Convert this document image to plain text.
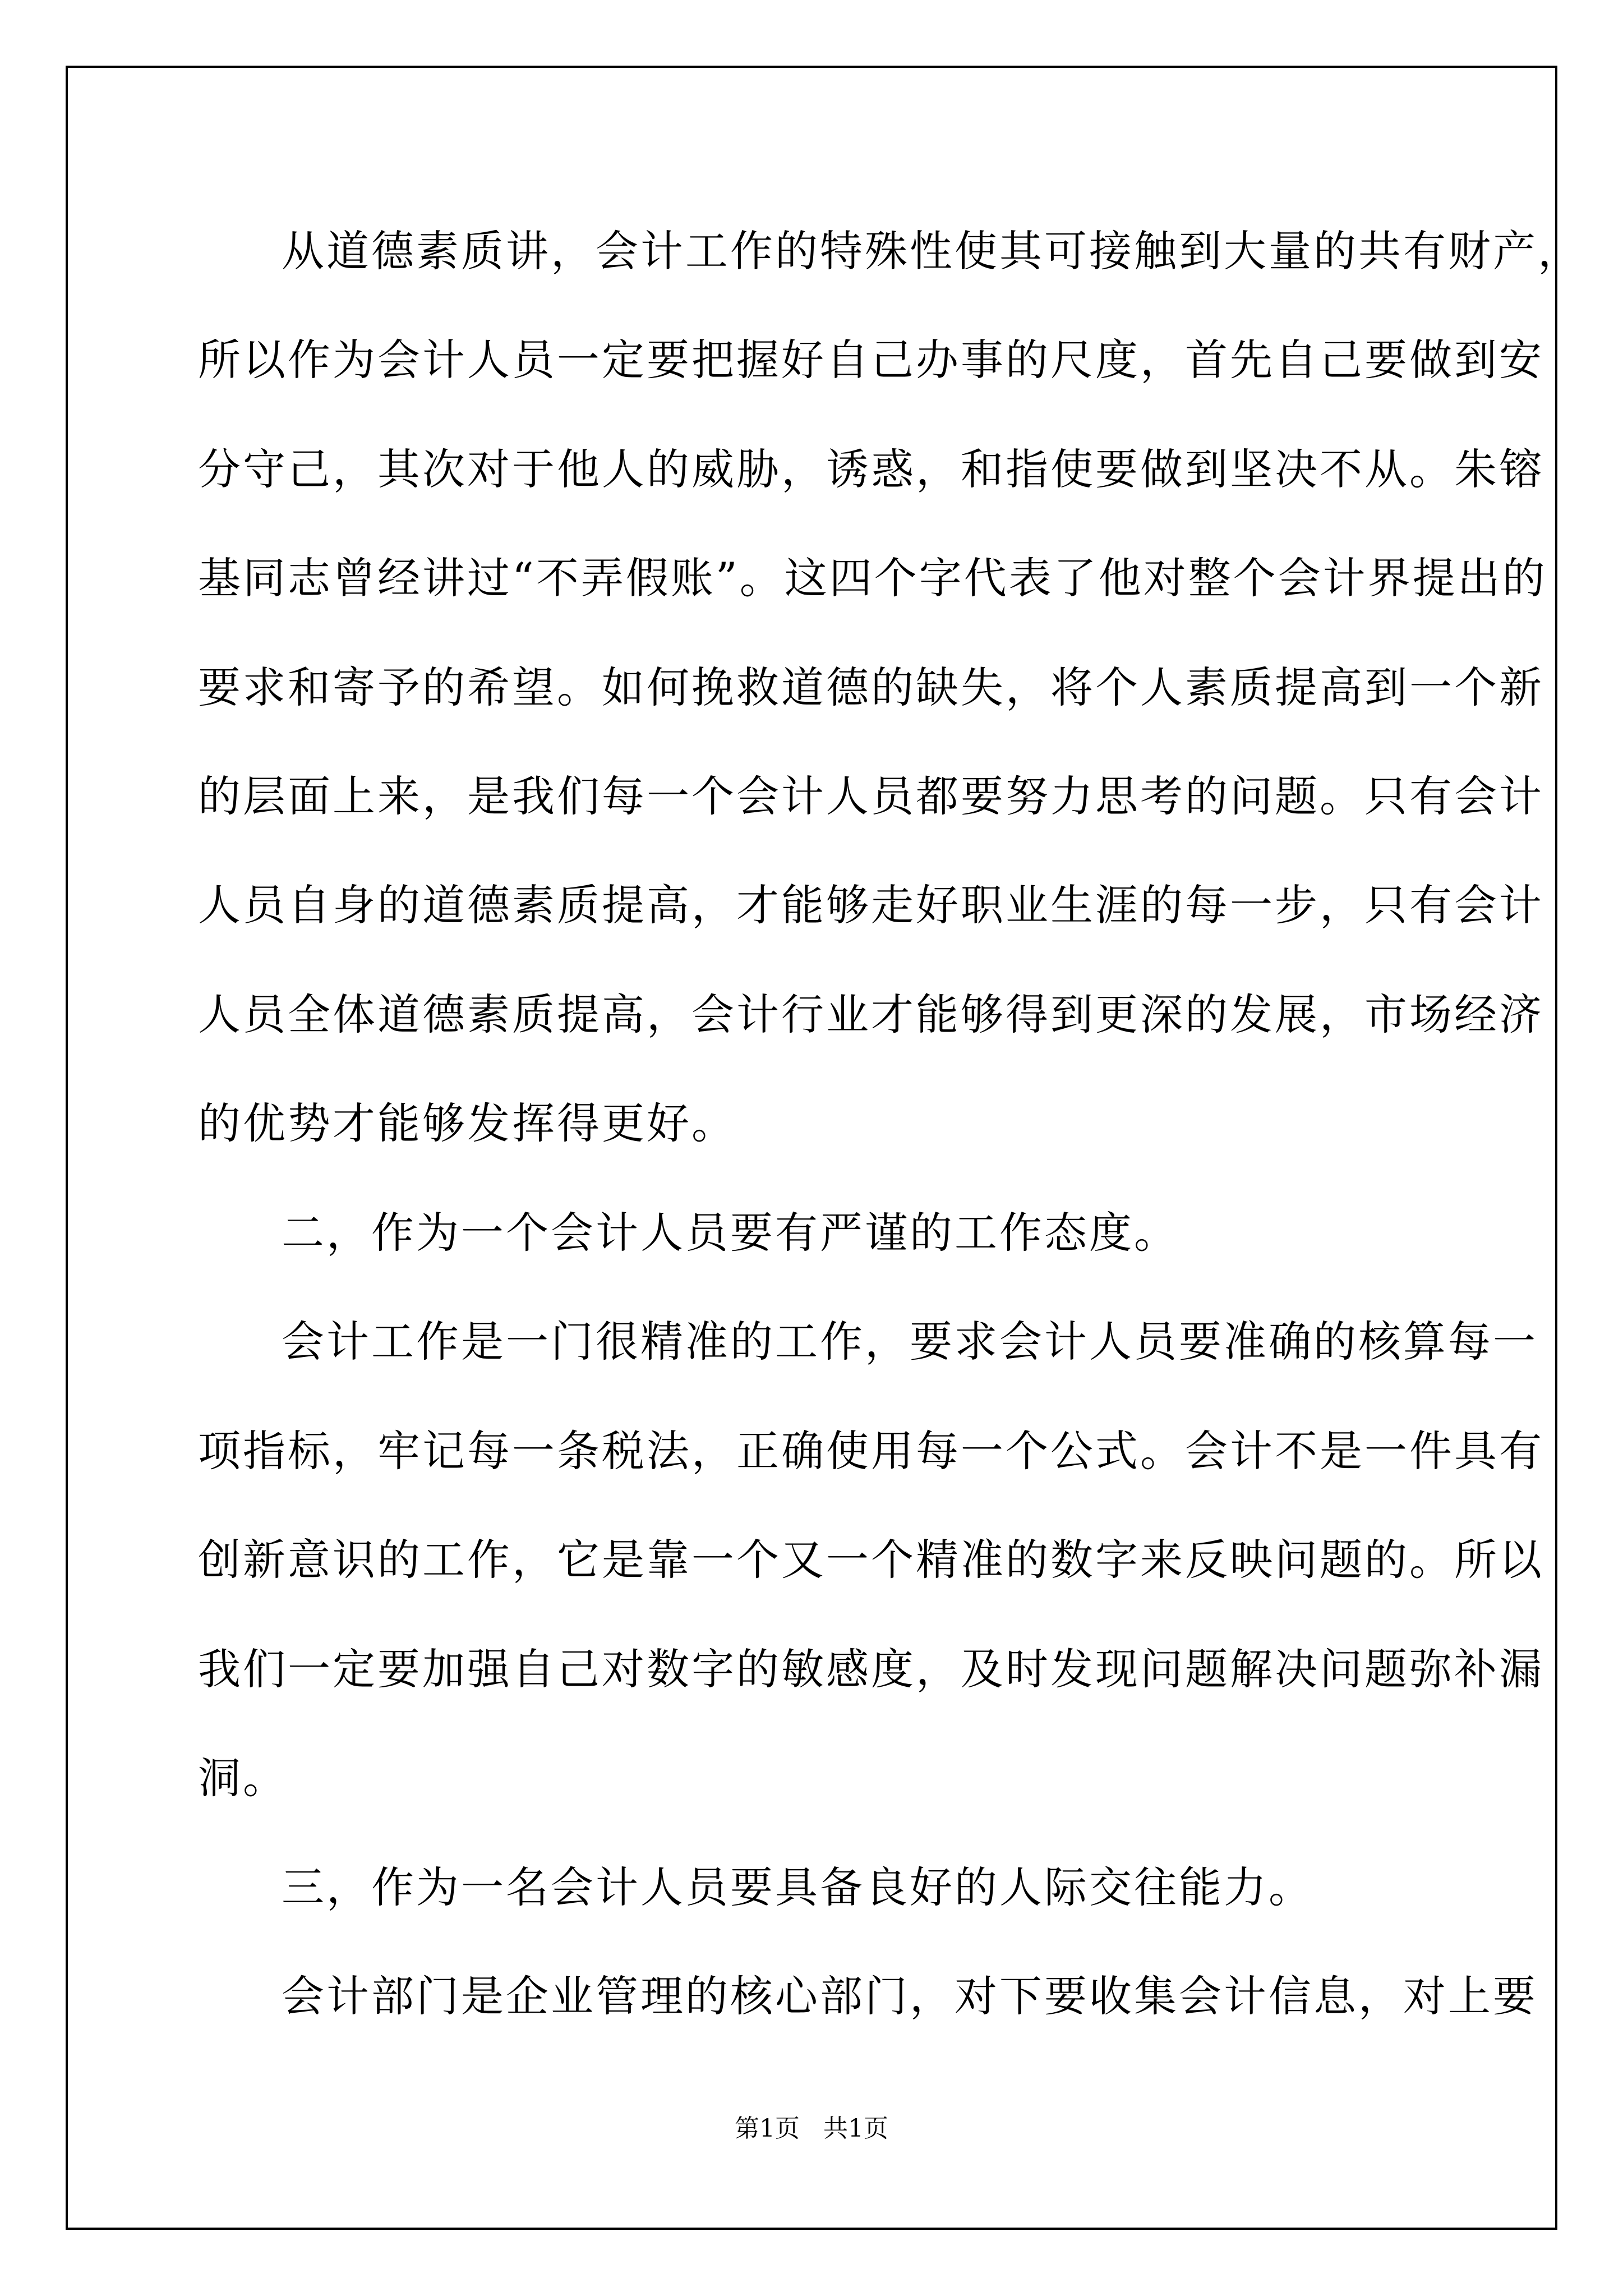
从道德素质讲，会计工作的特殊性使其可接触到大量的共有财产，
所以作为会计人员一定要把握好自己办事的尺度，首先自己要做到安
分守己，其次对于他人的威胁，诱惑，和指使要做到坚决不从。朱镕
基同志曾经讲过“不弄假账”。这四个字代表了他对整个会计界提出的
要求和寄予的希望。如何挽救道德的缺失，将个人素质提高到一个新
的层面上来，是我们每一个会计人员都要努力思考的问题。只有会计
人员自身的道德素质提高，才能够走好职业生涯的每一步，只有会计
人员全体道德素质提高，会计行业才能够得到更深的发展，市场经济
的优势才能够发挥得更好。
二，作为一个会计人员要有严谨的工作态度。
会计工作是一门很精准的工作，要求会计人员要准确的核算每一
项指标，牢记每一条税法，正确使用每一个公式。会计不是一件具有
创新意识的工作，它是靠一个又一个精准的数字来反映问题的。所以
我们一定要加强自己对数字的敏感度，及时发现问题解决问题弥补漏
洞。
三，作为一名会计人员要具备良好的人际交往能力。
会计部门是企业管理的核心部门，对下要收集会计信息，对上要
第1页   共1页
